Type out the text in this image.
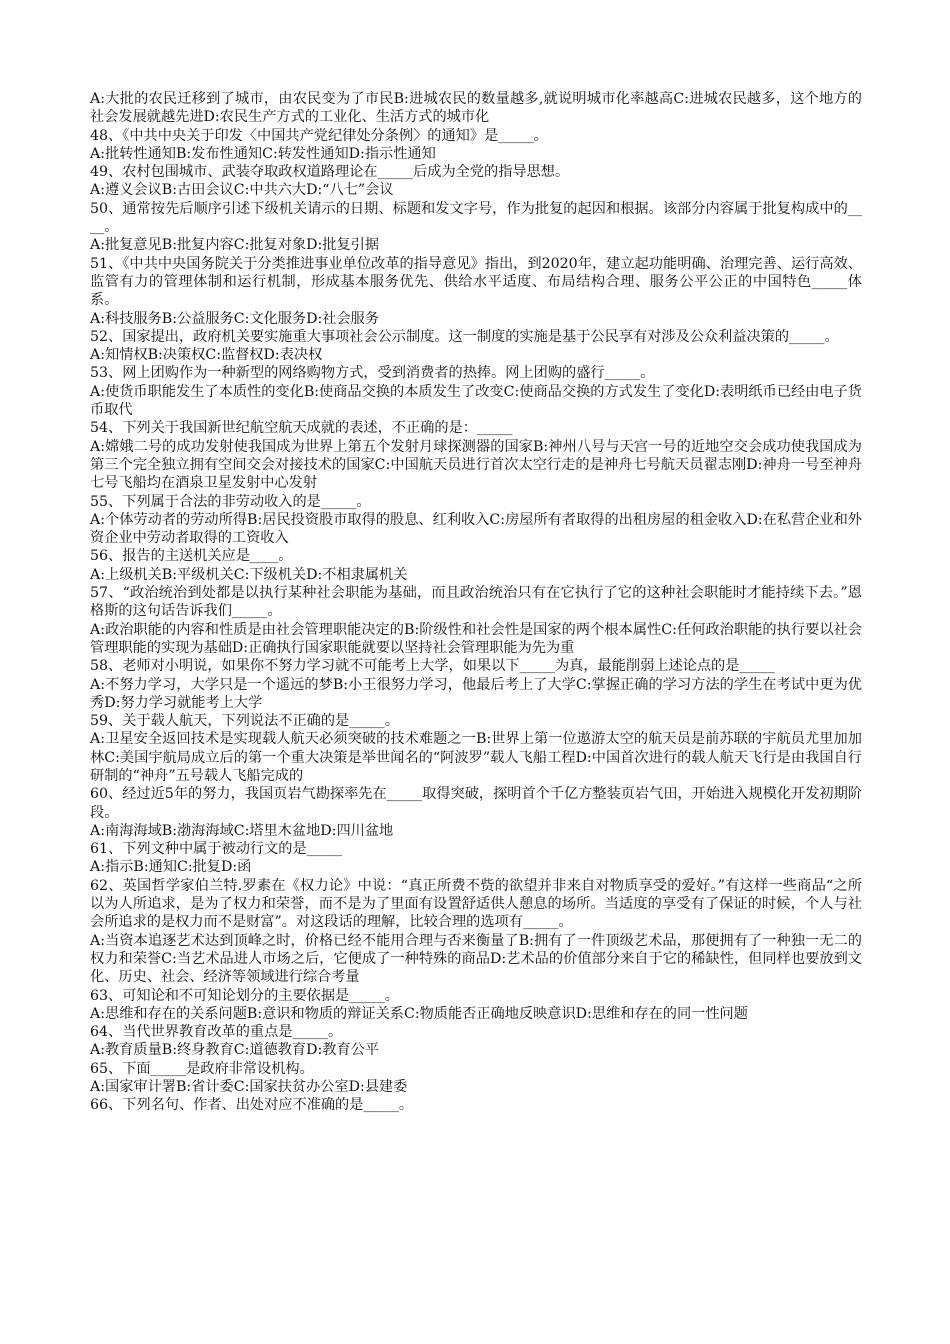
A:大批的农民迁移到了城市，由农民变为了市民B:进城农民的数量越多,就说明城市化率越高C:进城农民越多，这个地方的社会发展就越先进D:农民生产方式的工业化、生活方式的城市化

48、《中共中央关于印发〈中国共产党纪律处分条例〉的通知》是_____。

A:批转性通知B:发布性通知C:转发性通知D:指示性通知

49、农村包围城市、武装夺取政权道路理论在_____后成为全党的指导思想。

A:遵义会议B:古田会议C:中共六大D:“八七”会议

50、通常按先后顺序引述下级机关请示的日期、标题和发文字号，作为批复的起因和根据。该部分内容属于批复构成中的____。

A:批复意见B:批复内容C:批复对象D:批复引据

51、《中共中央国务院关于分类推进事业单位改革的指导意见》指出，到2020年，建立起功能明确、治理完善、运行高效、监管有力的管理体制和运行机制，形成基本服务优先、供给水平适度、布局结构合理、服务公平公正的中国特色_____体系。

A:科技服务B:公益服务C:文化服务D:社会服务

52、国家提出，政府机关要实施重大事项社会公示制度。这一制度的实施是基于公民享有对涉及公众利益决策的_____。

A:知情权B:决策权C:监督权D:表决权

53、网上团购作为一种新型的网络购物方式，受到消费者的热捧。网上团购的盛行_____。

A:使货币职能发生了本质性的变化B:使商品交换的本质发生了改变C:使商品交换的方式发生了变化D:表明纸币已经由电子货币取代

54、下列关于我国新世纪航空航天成就的表述，不正确的是：_____

A:嫦娥二号的成功发射使我国成为世界上第五个发射月球探测器的国家B:神州八号与天宫一号的近地空交会成功使我国成为第三个完全独立拥有空间交会对接技术的国家C:中国航天员进行首次太空行走的是神舟七号航天员翟志刚D:神舟一号至神舟七号飞船均在酒泉卫星发射中心发射

55、下列属于合法的非劳动收入的是_____。

A:个体劳动者的劳动所得B:居民投资股市取得的股息、红利收入C:房屋所有者取得的出租房屋的租金收入D:在私营企业和外资企业中劳动者取得的工资收入

56、报告的主送机关应是____。

A:上级机关B:平级机关C:下级机关D:不相隶属机关

57、“政治统治到处都是以执行某种社会职能为基础，而且政治统治只有在它执行了它的这种社会职能时才能持续下去。”恩格斯的这句话告诉我们_____。

A:政治职能的内容和性质是由社会管理职能决定的B:阶级性和社会性是国家的两个根本属性C:任何政治职能的执行要以社会管理职能的实现为基础D:正确执行国家职能就要以坚持社会管理职能为先为重

58、老师对小明说，如果你不努力学习就不可能考上大学，如果以下_____为真，最能削弱上述论点的是_____

A:不努力学习，大学只是一个遥远的梦B:小王很努力学习，他最后考上了大学C:掌握正确的学习方法的学生在考试中更为优秀D:努力学习就能考上大学

59、关于载人航天，下列说法不正确的是_____。

A:卫星安全返回技术是实现载人航天必须突破的技术难题之一B:世界上第一位遨游太空的航天员是前苏联的宇航员尤里加加林C:美国宇航局成立后的第一个重大决策是举世闻名的“阿波罗”载人飞船工程D:中国首次进行的载人航天飞行是由我国自行研制的“神舟”五号载人飞船完成的

60、经过近5年的努力，我国页岩气勘探率先在_____取得突破，探明首个千亿方整装页岩气田，开始进入规模化开发初期阶段。

A:南海海域B:渤海海域C:塔里木盆地D:四川盆地

61、下列文种中属于被动行文的是_____

A:指示B:通知C:批复D:函

62、英国哲学家伯兰特.罗素在《权力论》中说：“真正所费不赀的欲望并非来自对物质享受的爱好。”有这样一些商品“之所以为人所追求，是为了权力和荣誉，而不是为了里面有设置舒适供人憩息的场所。当适度的享受有了保证的时候，个人与社会所追求的是权力而不是财富”。对这段话的理解，比较合理的选项有_____。

A:当资本追逐艺术达到顶峰之时，价格已经不能用合理与否来衡量了B:拥有了一件顶级艺术品，那便拥有了一种独一无二的权力和荣誉C:当艺术品进人市场之后，它便成了一种特殊的商品D:艺术品的价值部分来自于它的稀缺性，但同样也要放到文化、历史、社会、经济等领域进行综合考量

63、可知论和不可知论划分的主要依据是_____。

A:思维和存在的关系问题B:意识和物质的辩证关系C:物质能否正确地反映意识D:思维和存在的同一性问题

64、当代世界教育改革的重点是_____。

A:教育质量B:终身教育C:道德教育D:教育公平

65、下面_____是政府非常设机构。

A:国家审计署B:省计委C:国家扶贫办公室D:县建委

66、下列名句、作者、出处对应不准确的是_____。
